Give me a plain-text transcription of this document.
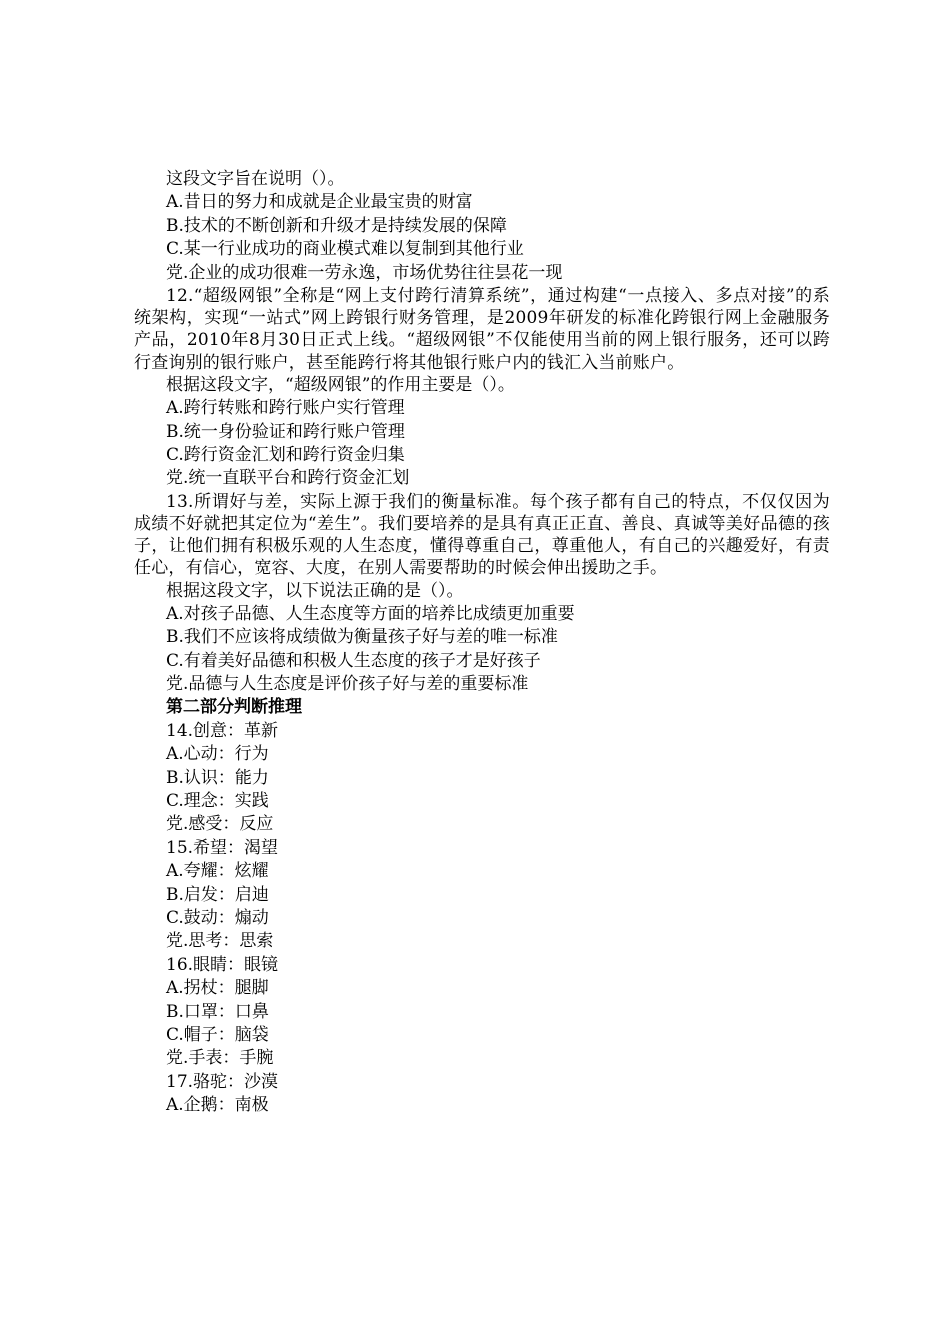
这段文字旨在说明（）。
A.昔日的努力和成就是企业最宝贵的财富
B.技术的不断创新和升级才是持续发展的保障
C.某一行业成功的商业模式难以复制到其他行业
党.企业的成功很难一劳永逸，市场优势往往昙花一现
12.“超级网银”全称是“网上支付跨行清算系统”，通过构建“一点接入、多点对接”的系统架构，实现“一站式”网上跨银行财务管理，是2009年研发的标准化跨银行网上金融服务产品，2010年8月30日正式上线。“超级网银”不仅能使用当前的网上银行服务，还可以跨行查询别的银行账户，甚至能跨行将其他银行账户内的钱汇入当前账户。
根据这段文字，“超级网银”的作用主要是（）。
A.跨行转账和跨行账户实行管理
B.统一身份验证和跨行账户管理
C.跨行资金汇划和跨行资金归集
党.统一直联平台和跨行资金汇划
13.所谓好与差，实际上源于我们的衡量标准。每个孩子都有自己的特点，不仅仅因为成绩不好就把其定位为“差生”。我们要培养的是具有真正正直、善良、真诚等美好品德的孩子，让他们拥有积极乐观的人生态度，懂得尊重自己，尊重他人，有自己的兴趣爱好，有责任心，有信心，宽容、大度，在别人需要帮助的时候会伸出援助之手。
根据这段文字，以下说法正确的是（）。
A.对孩子品德、人生态度等方面的培养比成绩更加重要
B.我们不应该将成绩做为衡量孩子好与差的唯一标准
C.有着美好品德和积极人生态度的孩子才是好孩子
党.品德与人生态度是评价孩子好与差的重要标准
第二部分判断推理
14.创意：革新
A.心动：行为
B.认识：能力
C.理念：实践
党.感受：反应
15.希望：渴望
A.夸耀：炫耀
B.启发：启迪
C.鼓动：煽动
党.思考：思索
16.眼睛：眼镜
A.拐杖：腿脚
B.口罩：口鼻
C.帽子：脑袋
党.手表：手腕
17.骆驼：沙漠
A.企鹅：南极
